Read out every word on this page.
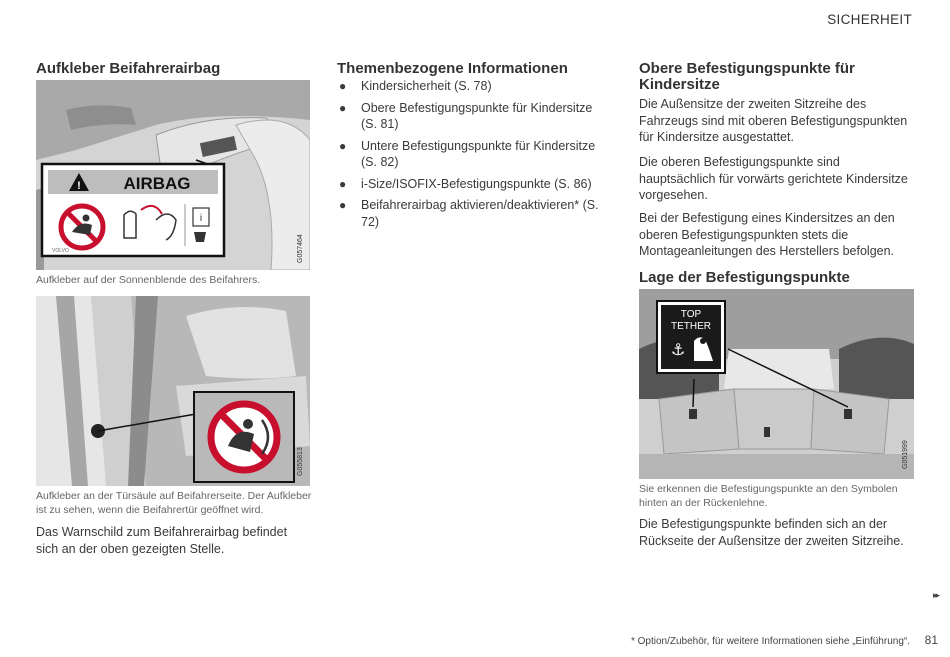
SICHERHEIT
Aufkleber Beifahrerairbag
!	AIRBAG
i
VOLVO	G057464
Aufkleber auf der Sonnenblende des Beifahrers.
G055813
Aufkleber an der Türsäule auf Beifahrerseite. Der Aufkleber ist zu sehen, wenn die Beifahrertür geöffnet wird.

Das Warnschild zum Beifahrerairbag befindet sich an der oben gezeigten Stelle.

Themenbezogene Informationen
● Kindersicherheit (S. 78)
● Obere Befestigungspunkte für Kindersitze (S. 81)
● Untere Befestigungspunkte für Kindersitze (S. 82)
● i-Size/ISOFIX-Befestigungspunkte (S. 86)
● Beifahrerairbag aktivieren/deaktivieren* (S. 72)
Obere Befestigungspunkte für Kindersitze

Die Außensitze der zweiten Sitzreihe des Fahrzeugs sind mit oberen Befestigungspunkten für Kindersitze ausgestattet.

Die oberen Befestigungspunkte sind hauptsächlich für vorwärts gerichtete Kindersitze vorgesehen.

Bei der Befestigung eines Kindersitzes an den oberen Befestigungspunkten stets die Montageanleitungen des Herstellers befolgen.

Lage der Befestigungspunkte
TOP
TETHER
⚓
G051999
Sie erkennen die Befestigungspunkte an den Symbolen hinten an der Rückenlehne.

Die Befestigungspunkte befinden sich an der Rückseite der Außensitze der zweiten Sitzreihe.

▸▸
* Option/Zubehör, für weitere Informationen siehe „Einführung“. 81
